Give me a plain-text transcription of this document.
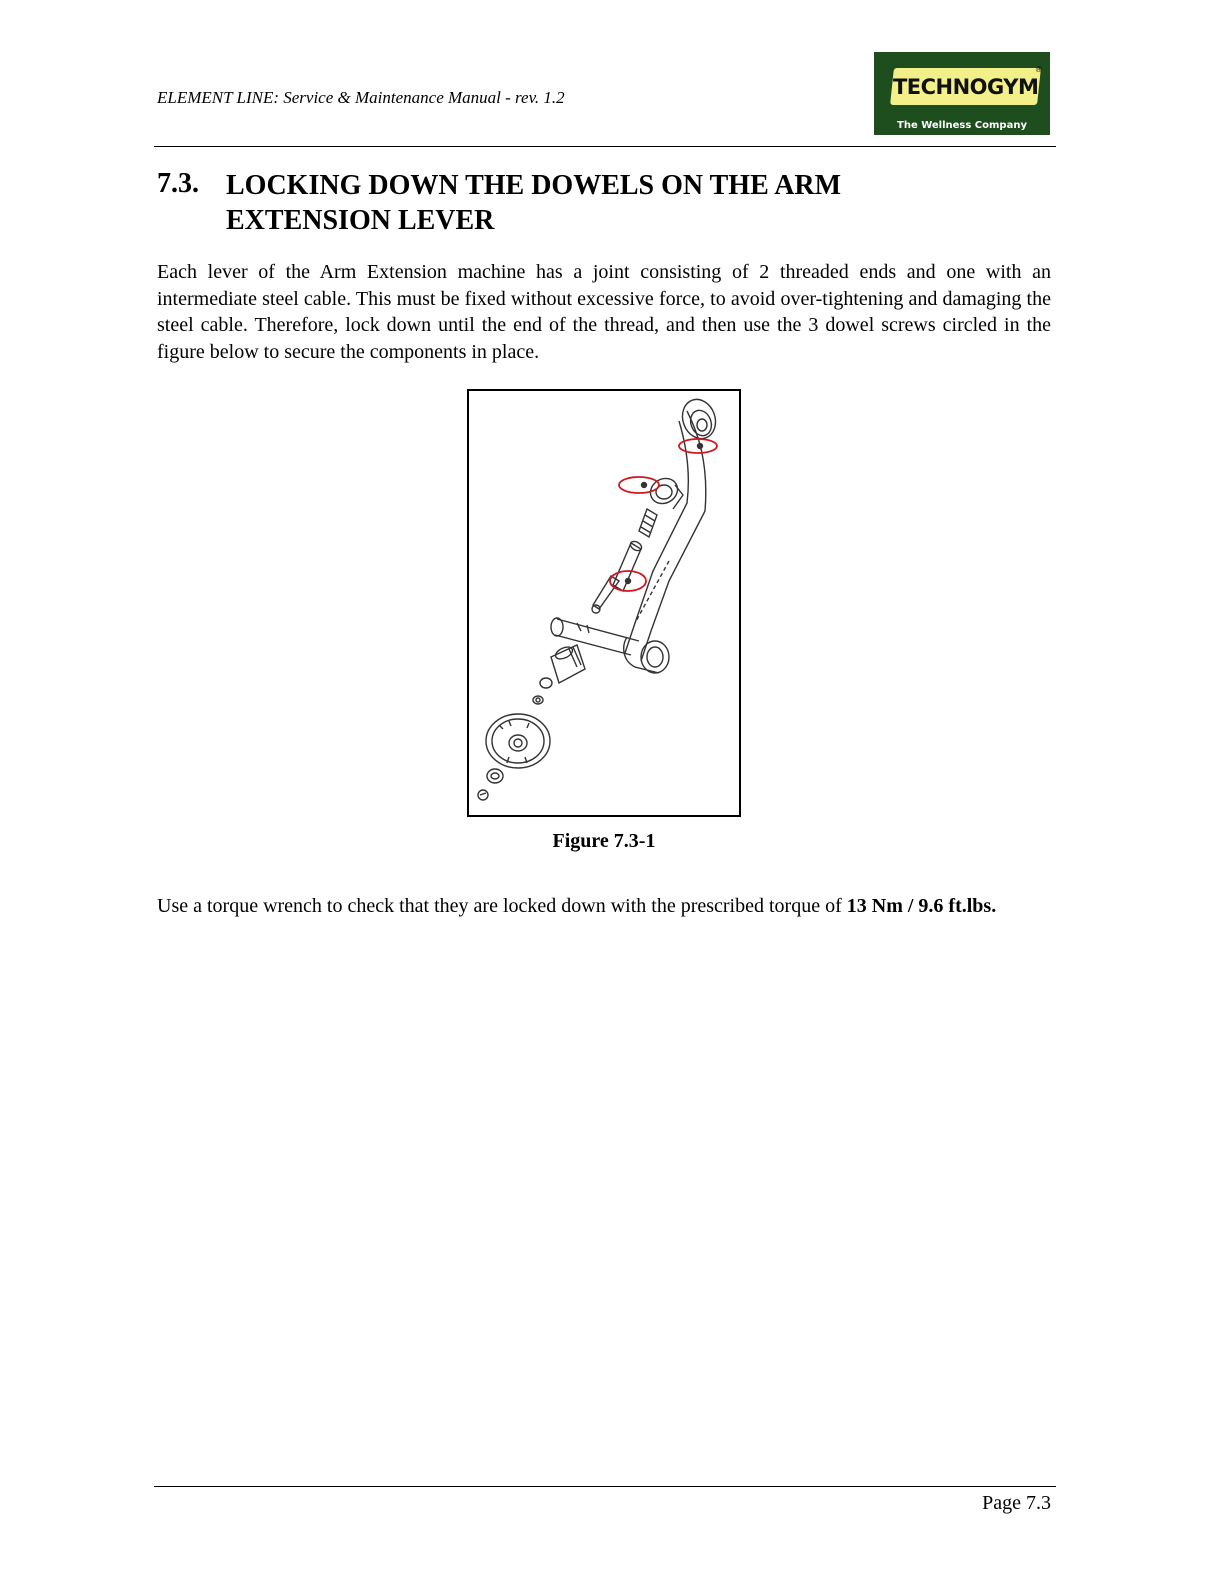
ELEMENT LINE: Service & Maintenance Manual - rev. 1.2	TECHNOGYM
®
The Wellness Company
7.3. LOCKING DOWN THE DOWELS ON THE ARM EXTENSION LEVER

Each lever of the Arm Extension machine has a joint consisting of 2 threaded ends and one with an intermediate steel cable. This must be fixed without excessive force, to avoid over-tightening and damaging the steel cable. Therefore, lock down until the end of the thread, and then use the 3 dowel screws circled in the figure below to secure the components in place.

Figure 7.3-1

Use a torque wrench to check that they are locked down with the prescribed torque of 13 Nm / 9.6 ft.lbs.

Page 7.3
